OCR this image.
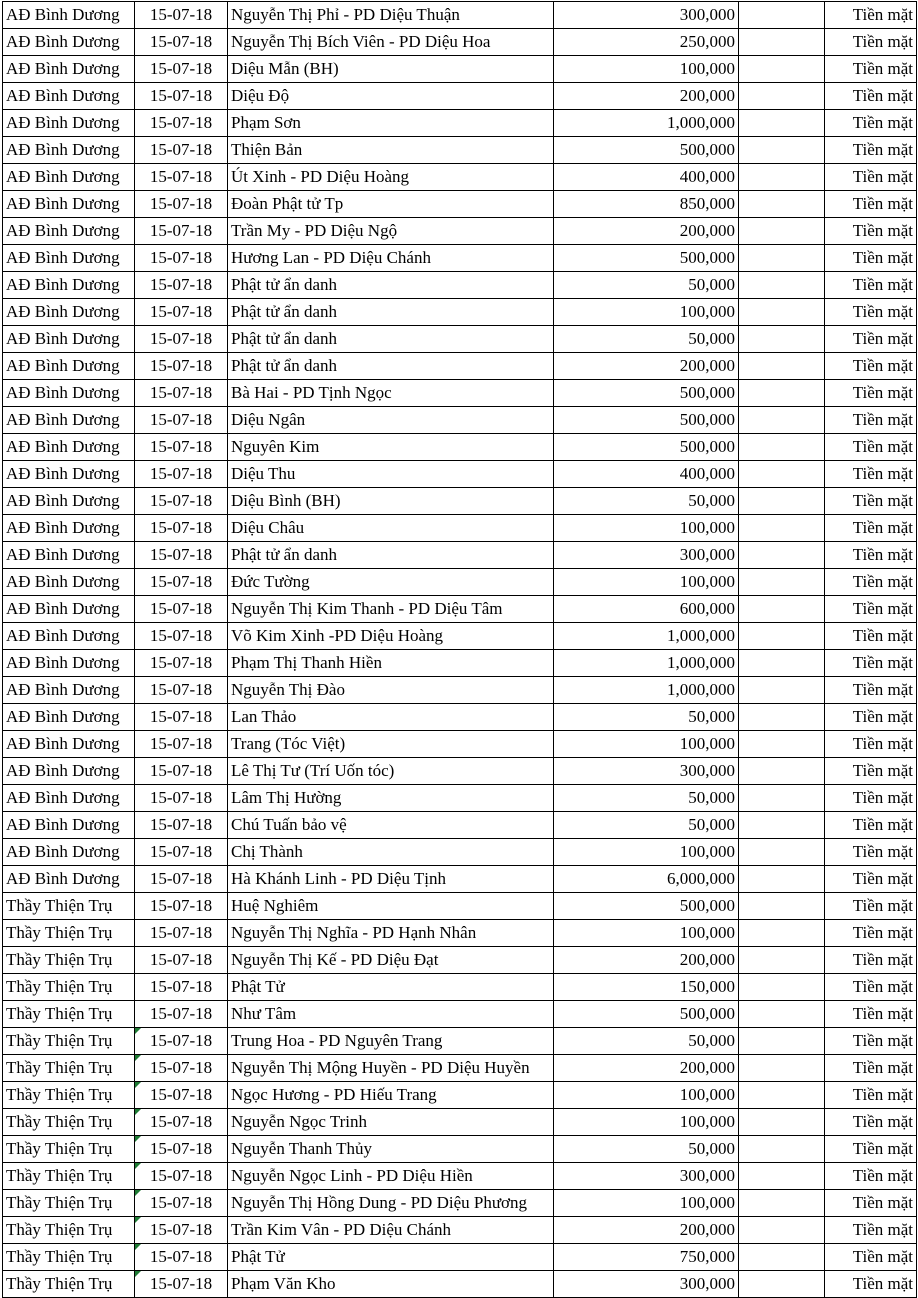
AĐ Bình Dương	15-07-18	Nguyễn Thị Phỉ - PD Diệu Thuận	300,000		Tiền mặt
AĐ Bình Dương	15-07-18	Nguyễn Thị Bích Viên - PD Diệu Hoa	250,000		Tiền mặt
AĐ Bình Dương	15-07-18	Diệu Mẫn (BH)	100,000		Tiền mặt
AĐ Bình Dương	15-07-18	Diệu Độ	200,000		Tiền mặt
AĐ Bình Dương	15-07-18	Phạm Sơn	1,000,000		Tiền mặt
AĐ Bình Dương	15-07-18	Thiện Bản	500,000		Tiền mặt
AĐ Bình Dương	15-07-18	Út Xinh - PD Diệu Hoàng	400,000		Tiền mặt
AĐ Bình Dương	15-07-18	Đoàn Phật tử Tp	850,000		Tiền mặt
AĐ Bình Dương	15-07-18	Trần My - PD Diệu Ngộ	200,000		Tiền mặt
AĐ Bình Dương	15-07-18	Hương Lan - PD Diệu Chánh	500,000		Tiền mặt
AĐ Bình Dương	15-07-18	Phật tử ẩn danh	50,000		Tiền mặt
AĐ Bình Dương	15-07-18	Phật tử ẩn danh	100,000		Tiền mặt
AĐ Bình Dương	15-07-18	Phật tử ẩn danh	50,000		Tiền mặt
AĐ Bình Dương	15-07-18	Phật tử ẩn danh	200,000		Tiền mặt
AĐ Bình Dương	15-07-18	Bà Hai - PD Tịnh Ngọc	500,000		Tiền mặt
AĐ Bình Dương	15-07-18	Diệu Ngân	500,000		Tiền mặt
AĐ Bình Dương	15-07-18	Nguyên Kim	500,000		Tiền mặt
AĐ Bình Dương	15-07-18	Diệu Thu	400,000		Tiền mặt
AĐ Bình Dương	15-07-18	Diệu Bình (BH)	50,000		Tiền mặt
AĐ Bình Dương	15-07-18	Diệu Châu	100,000		Tiền mặt
AĐ Bình Dương	15-07-18	Phật tử ẩn danh	300,000		Tiền mặt
AĐ Bình Dương	15-07-18	Đức Tường	100,000		Tiền mặt
AĐ Bình Dương	15-07-18	Nguyễn Thị Kim Thanh - PD Diệu Tâm	600,000		Tiền mặt
AĐ Bình Dương	15-07-18	Võ Kim Xinh -PD Diệu Hoàng	1,000,000		Tiền mặt
AĐ Bình Dương	15-07-18	Phạm Thị Thanh Hiền	1,000,000		Tiền mặt
AĐ Bình Dương	15-07-18	Nguyễn Thị Đào	1,000,000		Tiền mặt
AĐ Bình Dương	15-07-18	Lan Thảo	50,000		Tiền mặt
AĐ Bình Dương	15-07-18	Trang (Tóc Việt)	100,000		Tiền mặt
AĐ Bình Dương	15-07-18	Lê Thị Tư (Trí Uốn tóc)	300,000		Tiền mặt
AĐ Bình Dương	15-07-18	Lâm Thị Hường	50,000		Tiền mặt
AĐ Bình Dương	15-07-18	Chú Tuấn bảo vệ	50,000		Tiền mặt
AĐ Bình Dương	15-07-18	Chị Thành	100,000		Tiền mặt
AĐ Bình Dương	15-07-18	Hà Khánh Linh - PD Diệu Tịnh	6,000,000		Tiền mặt
Thầy Thiện Trụ	15-07-18	Huệ Nghiêm	500,000		Tiền mặt
Thầy Thiện Trụ	15-07-18	Nguyễn Thị Nghĩa - PD Hạnh Nhân	100,000		Tiền mặt
Thầy Thiện Trụ	15-07-18	Nguyễn Thị Kế - PD Diệu Đạt	200,000		Tiền mặt
Thầy Thiện Trụ	15-07-18	Phật Tử	150,000		Tiền mặt
Thầy Thiện Trụ	15-07-18	Như Tâm	500,000		Tiền mặt
Thầy Thiện Trụ	15-07-18	Trung Hoa - PD Nguyên Trang	50,000		Tiền mặt
Thầy Thiện Trụ	15-07-18	Nguyễn Thị Mộng Huyền - PD Diệu Huyền	200,000		Tiền mặt
Thầy Thiện Trụ	15-07-18	Ngọc Hương - PD Hiếu Trang	100,000		Tiền mặt
Thầy Thiện Trụ	15-07-18	Nguyễn Ngọc Trinh	100,000		Tiền mặt
Thầy Thiện Trụ	15-07-18	Nguyễn Thanh Thủy	50,000		Tiền mặt
Thầy Thiện Trụ	15-07-18	Nguyễn Ngọc Linh - PD Diệu Hiền	300,000		Tiền mặt
Thầy Thiện Trụ	15-07-18	Nguyễn Thị Hồng Dung - PD Diệu Phương	100,000		Tiền mặt
Thầy Thiện Trụ	15-07-18	Trần Kim Vân - PD Diệu Chánh	200,000		Tiền mặt
Thầy Thiện Trụ	15-07-18	Phật Tử	750,000		Tiền mặt
Thầy Thiện Trụ	15-07-18	Phạm Văn Kho	300,000		Tiền mặt
